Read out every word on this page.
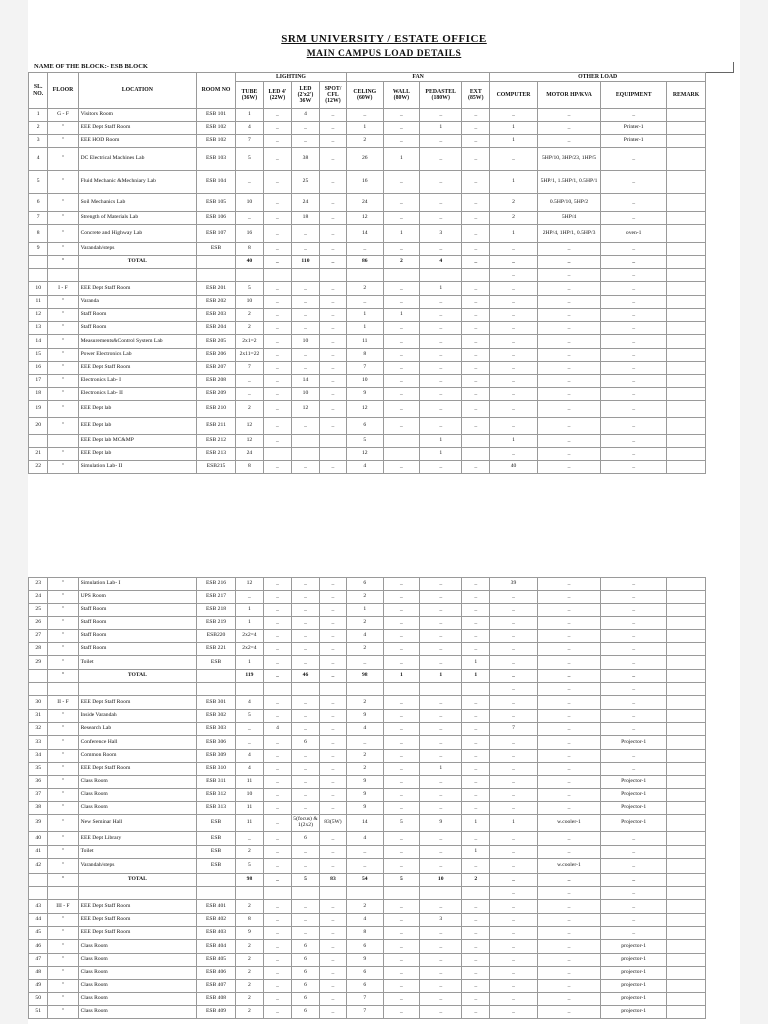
SRM UNIVERSITY / ESTATE OFFICE
MAIN CAMPUS LOAD DETAILS
NAME OF THE BLOCK:- ESB BLOCK
SL. NO.	FLOOR	LOCATION	ROOM NO	LIGHTING				FAN				OTHER LOAD			
				TUBE (36W)	LED 4' (22W)	LED (2'x2') 36W	SPOT/ CFL (12W)	CELING (60W)	WALL (80W)	PEDASTEL (180W)	EXT (85W)	COMPUTER	MOTOR HP/KVA	EQUIPMENT	REMARK
1	G - F	Visitors Room	ESB 101	1	_	4	_	_	_	_	_	_	_	_	
2	"	EEE Dept Staff Room	ESB 102	4	_	_	_	1	_	1	_	1	_	Printer-1	
3	"	EEE HOD Room	ESB 102	7	_	_	_	2	_	_	_	1	_	Printer-1	
4	"	DC Electrical Machines Lab	ESB 103	5	_	38	_	26	1	_	_	_	5HP/10, 3HP/23, 1HP/5	_	
5	"	Fluid Mechanic &Mechniary Lab	ESB 104	_	_	25	_	16	_	_	_	1	5HP/1, 1.5HP/1, 0.5HP/1	_	
6	"	Soil Mechanics Lab	ESB 105	10	_	24	_	24	_	_	_	2	0.5HP/10, 5HP/2	_	
7	"	Strength of Materials Lab	ESB 106	_	_	18	_	12	_	_	_	2	5HP/4	_	
8	"	Concrete and Highway Lab	ESB 107	16	_	_	_	14	1	3	_	1	2HP/4, 1HP/1, 0.5HP/3	oven-1	
9	"	Varandah/steps	ESB	8	_	_	_	_	_	_	_	_	_	_	
	"	TOTAL		40	_	110	_	86	2	4	_	_	_	_	
												_	_	_	
10	I - F	EEE Dept Staff Room	ESB 201	5	_	_	_	2	_	1	_	_	_	_	
11	"	Varanda	ESB 202	10	_	_	_	_	_	_	_	_	_	_	
12	"	Staff Room	ESB 203	2	_	_	_	1	1	_	_	_	_	_	
13	"	Staff Room	ESB 204	2	_	_	_	1	_	_	_	_	_	_	
14	"	Measurements&Control System Lab	ESB 205	2x1=2	_	10	_	11	_	_	_	_	_	_	
15	"	Power Electronics Lab	ESB 206	2x11=22	_	_	_	8	_	_	_	_	_	_	
16	"	EEE Dept Staff Room	ESB 207	7	_	_	_	7	_	_	_	_	_	_	
17	"	Electronics Lab- I	ESB 208	_	_	14	_	10	_	_	_	_	_	_	
18	"	Electronics Lab- II	ESB 209	_	_	10	_	9	_	_	_	_	_	_	
19	"	EEE Dept lab	ESB 210	2	_	12	_	12	_	_	_	_	_	_	
20	"	EEE Dept lab	ESB 211	12	_	_	_	6	_	_	_	_	_	_	
		EEE Dept lab MC&MP	ESB 212	12	_			5		1		1	_	_	
21	"	EEE Dept lab	ESB 213	24				12		1		_	_	_	
22	"	Simulation Lab- II	ESB215	8	_	_	_	4	_	_	_	40	_	_	
23	"	Simulation Lab- I	ESB 216	12	_	_	_	6	_	_	_	39	_	_	
24	"	UPS Room	ESB 217	_	_	_	_	2	_	_	_	_	_	_	
25	"	Staff Room	ESB 218	1	_	_	_	1	_	_	_	_	_	_	
26	"	Staff Room	ESB 219	1	_	_	_	2	_	_	_	_	_	_	
27	"	Staff Room	ESB220	2x2=4	_	_	_	4	_	_	_	_	_	_	
28	"	Staff Room	ESB 221	2x2=4	_	_	_	2	_	_	_	_	_	_	
29	"	Toilet	ESB	1	_	_	_	_	_	_	1	_	_	_	
	"	TOTAL		119	_	46	_	98	1	1	1	_	_	_	
												_	_	_	
30	II - F	EEE Dept Staff Room	ESB 301	4	_	_	_	2	_	_	_	_	_	_	
31	"	Inside Varandah	ESB 302	5	_	_	_	9	_	_	_	_	_	_	
32	"	Research Lab	ESB 303	_	4	_	_	4	_	_	_	7	_	_	
33	"	Conference Hall	ESB 306	_	_	6	_	_	_	_	_	_	_	Projector-1	
34	"	Common Room	ESB 309	4	_	_	_	2	_	_	_	_	_	_	
35	"	EEE Dept Staff Room	ESB 310	4	_	_	_	2	_	1	_	_	_	_	
36	"	Class Room	ESB 311	11	_	_	_	9	_	_	_	_	_	Projector-1	
37	"	Class Room	ESB 312	10	_	_	_	9	_	_	_	_	_	Projector-1	
38	"	Class Room	ESB 313	11	_	_	_	9	_	_	_	_	_	Projector-1	
39	"	New Seminar Hall	ESB	11	_	5(focus) & 1(2x2)	83(5W)	14	5	9	1	1	w.cooler-1	Projector-1	
40	"	EEE Dept Library	ESB	_	_	6	_	4	_	_	_	_	_	_	
41	"	Toilet	ESB	2	_	_	_	_	_	_	1	_	_	_	
42	"	Varandah/steps	ESB	5	_	_	_	_	_	_	_	_	w.cooler-1	_	
	"	TOTAL		98	_	5	83	54	5	10	2	_	_	_	
												_	_	_	
43	III - F	EEE Dept Staff Room	ESB 401	2	_	_	_	2	_	_	_	_	_	_	
44	"	EEE Dept Staff Room	ESB 402	8	_	_	_	4	_	3	_	_	_	_	
45	"	EEE Dept Staff Room	ESB 403	9	_	_	_	8	_	_	_	_	_	_	
46	"	Class Room	ESB 404	2	_	6	_	6	_	_	_	_	_	projector-1	
47	"	Class Room	ESB 405	2	_	6	_	9	_	_	_	_	_	projector-1	
48	"	Class Room	ESB 406	2	_	6	_	6	_	_	_	_	_	projector-1	
49	"	Class Room	ESB 407	2	_	6	_	6	_	_	_	_	_	projector-1	
50	"	Class Room	ESB 408	2	_	6	_	7	_	_	_	_	_	projector-1	
51	"	Class Room	ESB 409	2	_	6	_	7	_	_	_	_	_	projector-1	
